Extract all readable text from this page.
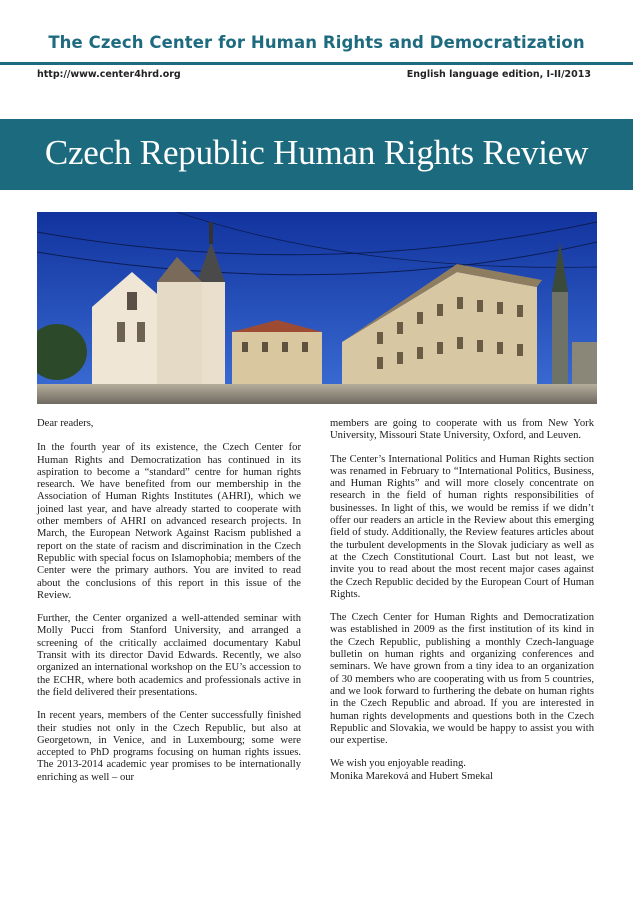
The Czech Center for Human Rights and Democratization
http://www.center4hrd.org	English language edition, I-II/2013
Czech Republic Human Rights Review

Dear readers,

In the fourth year of its existence, the Czech Center for Human Rights and Democratization has continued in its aspiration to become a “standard” centre for human rights research. We have benefited from our membership in the Association of Human Rights Institutes (AHRI), which we joined last year, and have already started to cooperate with other members of AHRI on advanced research projects. In March, the European Network Against Racism published a report on the state of racism and discrimination in the Czech Republic with special focus on Islamophobia; members of the Center were the primary authors. You are invited to read about the conclusions of this report in this issue of the Review.

Further, the Center organized a well-attended seminar with Molly Pucci from Stanford University, and arranged a screening of the critically acclaimed documentary Kabul Transit with its director David Edwards. Recently, we also organized an international workshop on the EU’s accession to the ECHR, where both academics and professionals active in the field delivered their presentations.

In recent years, members of the Center successfully finished their studies not only in the Czech Republic, but also at Georgetown, in Venice, and in Luxembourg; some were accepted to PhD programs focusing on human rights issues. The 2013-2014 academic year promises to be internationally enriching as well – our

members are going to cooperate with us from New York University, Missouri State University, Oxford, and Leuven.

The Center’s International Politics and Human Rights section was renamed in February to “International Politics, Business, and Human Rights” and will more closely concentrate on research in the field of human rights responsibilities of businesses. In light of this, we would be remiss if we didn’t offer our readers an article in the Review about this emerging field of study. Additionally, the Review features articles about the turbulent developments in the Slovak judiciary as well as at the Czech Constitutional Court. Last but not least, we invite you to read about the most recent major cases against the Czech Republic decided by the European Court of Human Rights.

The Czech Center for Human Rights and Democratization was established in 2009 as the first institution of its kind in the Czech Republic, publishing a monthly Czech-language bulletin on human rights and organizing conferences and seminars. We have grown from a tiny idea to an organization of 30 members who are cooperating with us from 5 countries, and we look forward to furthering the debate on human rights in the Czech Republic and abroad. If you are interested in human rights developments and questions both in the Czech Republic and Slovakia, we would be happy to assist you with our expertise.

We wish you enjoyable reading.

Monika Mareková and Hubert Smekal
